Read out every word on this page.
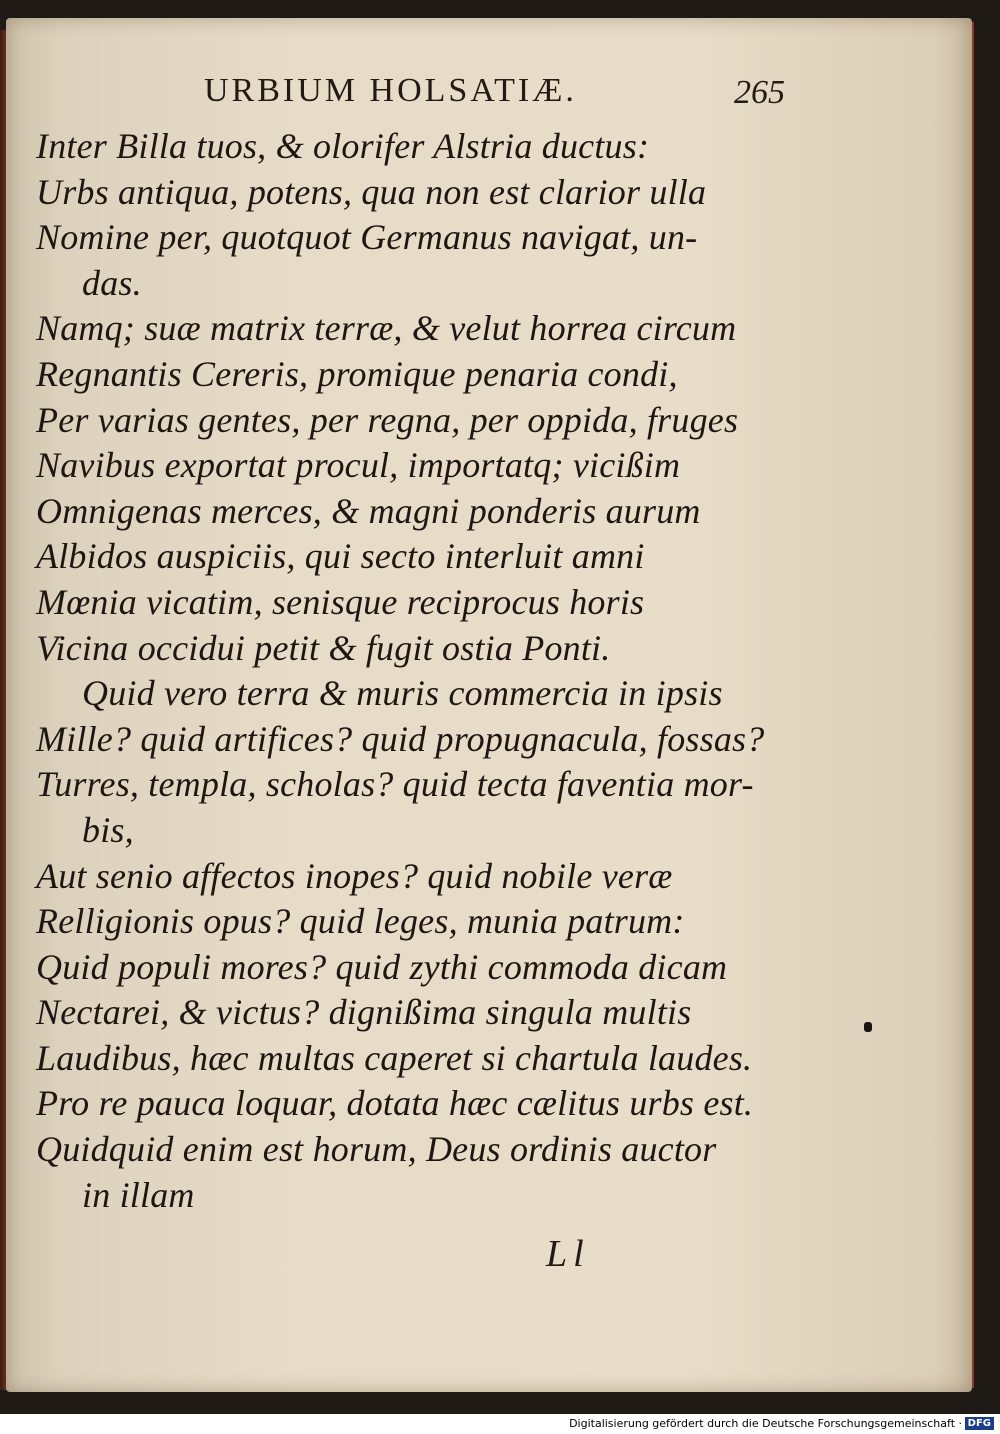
URBIUM HOLSATIÆ.	265
Inter Billa tuos, & olorifer Alstria ductus:
Urbs antiqua, potens, qua non est clarior ulla
Nomine per, quotquot Germanus navigat, un-
das.
Namq; suæ matrix terræ, & velut horrea circum
Regnantis Cereris, promique penaria condi,
Per varias gentes, per regna, per oppida, fruges
Navibus exportat procul, importatq; vicißim
Omnigenas merces, & magni ponderis aurum
Albidos auspiciis, qui secto interluit amni
Mœnia vicatim, senisque reciprocus horis
Vicina occidui petit & fugit ostia Ponti.
Quid vero terra & muris commercia in ipsis
Mille? quid artifices? quid propugnacula, fossas?
Turres, templa, scholas? quid tecta faventia mor-
bis,
Aut senio affectos inopes? quid nobile veræ
Relligionis opus? quid leges, munia patrum:
Quid populi mores? quid zythi commoda dicam
Nectarei, & victus? dignißima singula multis
Laudibus, hæc multas caperet si chartula laudes.
Pro re pauca loquar, dotata hæc cælitus urbs est.
Quidquid enim est horum, Deus ordinis auctor
in illam
Ll
Digitalisierung gefördert durch die Deutsche Forschungsgemeinschaft · DFG
